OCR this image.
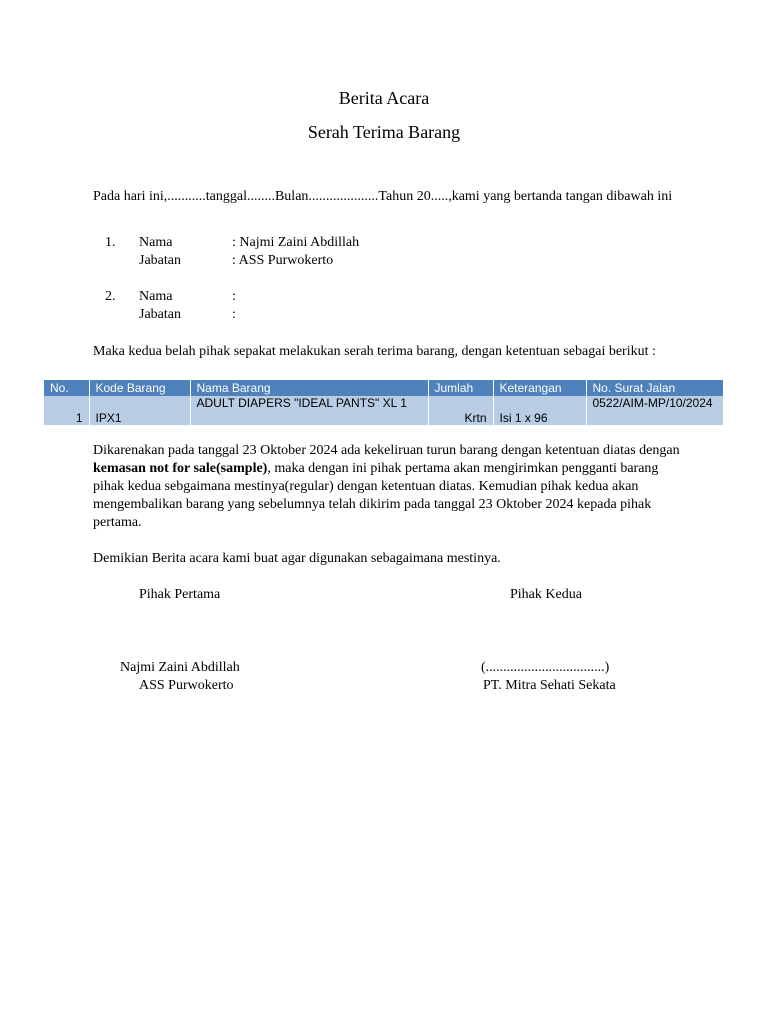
Berita Acara
Serah Terima Barang
Pada hari ini,...........tanggal........Bulan....................Tahun 20.....,kami yang bertanda tangan dibawah ini
1. Nama	: Najmi Zaini Abdillah
Jabatan	: ASS Purwokerto
2. Nama	:
Jabatan	:
Maka kedua belah pihak sepakat melakukan serah terima barang, dengan ketentuan sebagai berikut :
No.	Kode Barang	Nama Barang	Jumlah	Keterangan	No. Surat Jalan
1	IPX1	ADULT DIAPERS "IDEAL PANTS" XL 1	Krtn	Isi 1 x 96	0522/AIM-MP/10/2024
Dikarenakan pada tanggal 23 Oktober 2024 ada kekeliruan turun barang dengan ketentuan diatas dengan kemasan not for sale(sample), maka dengan ini pihak pertama akan mengirimkan pengganti barang pihak kedua sebgaimana mestinya(regular) dengan ketentuan diatas. Kemudian pihak kedua akan mengembalikan barang yang sebelumnya telah dikirim pada tanggal 23 Oktober 2024 kepada pihak pertama.
Demikian Berita acara kami buat agar digunakan sebagaimana mestinya.
Pihak Pertama	Pihak Kedua
Najmi Zaini Abdillah
ASS Purwokerto
(..................................)
PT. Mitra Sehati Sekata
